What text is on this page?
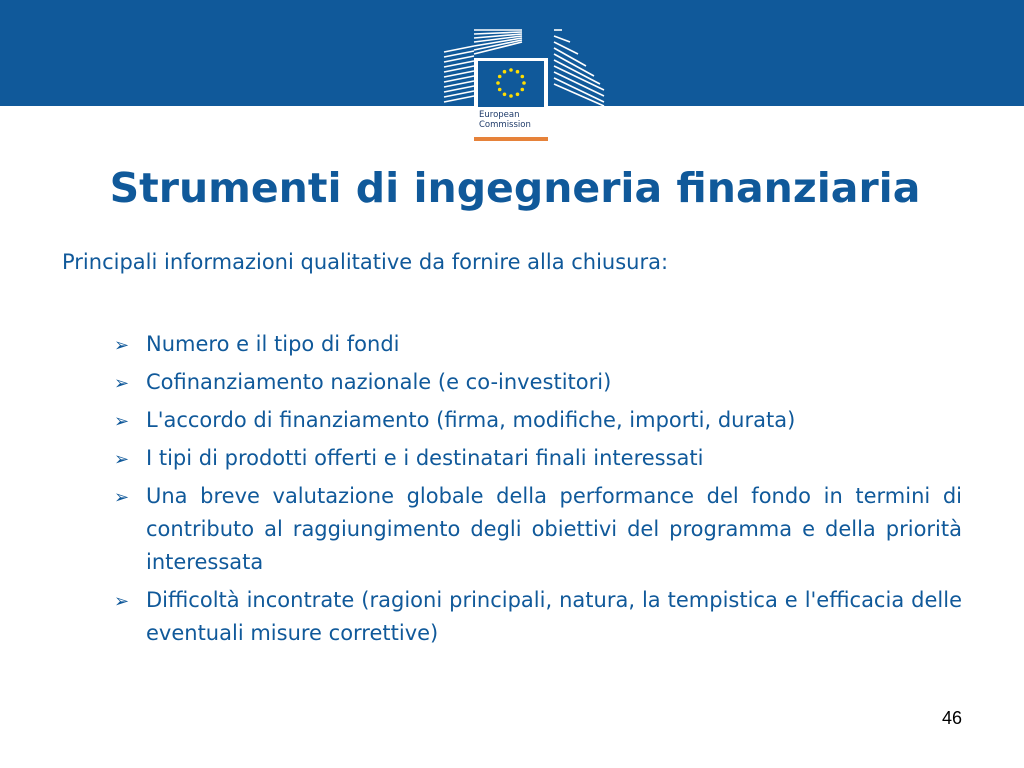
European
Commission
Strumenti di ingegneria finanziaria
Principali informazioni qualitative da fornire alla chiusura:
➢ Numero e il tipo di fondi
➢ Cofinanziamento nazionale (e co-investitori)
➢ L'accordo di finanziamento (firma, modifiche, importi, durata)
➢ I tipi di prodotti offerti e i destinatari finali interessati
➢ Una breve valutazione globale della performance del fondo in termini di contributo al raggiungimento degli obiettivi del programma e della priorità interessata
➢ Difficoltà incontrate (ragioni principali, natura, la tempistica e l'efficacia delle eventuali misure correttive)
46
